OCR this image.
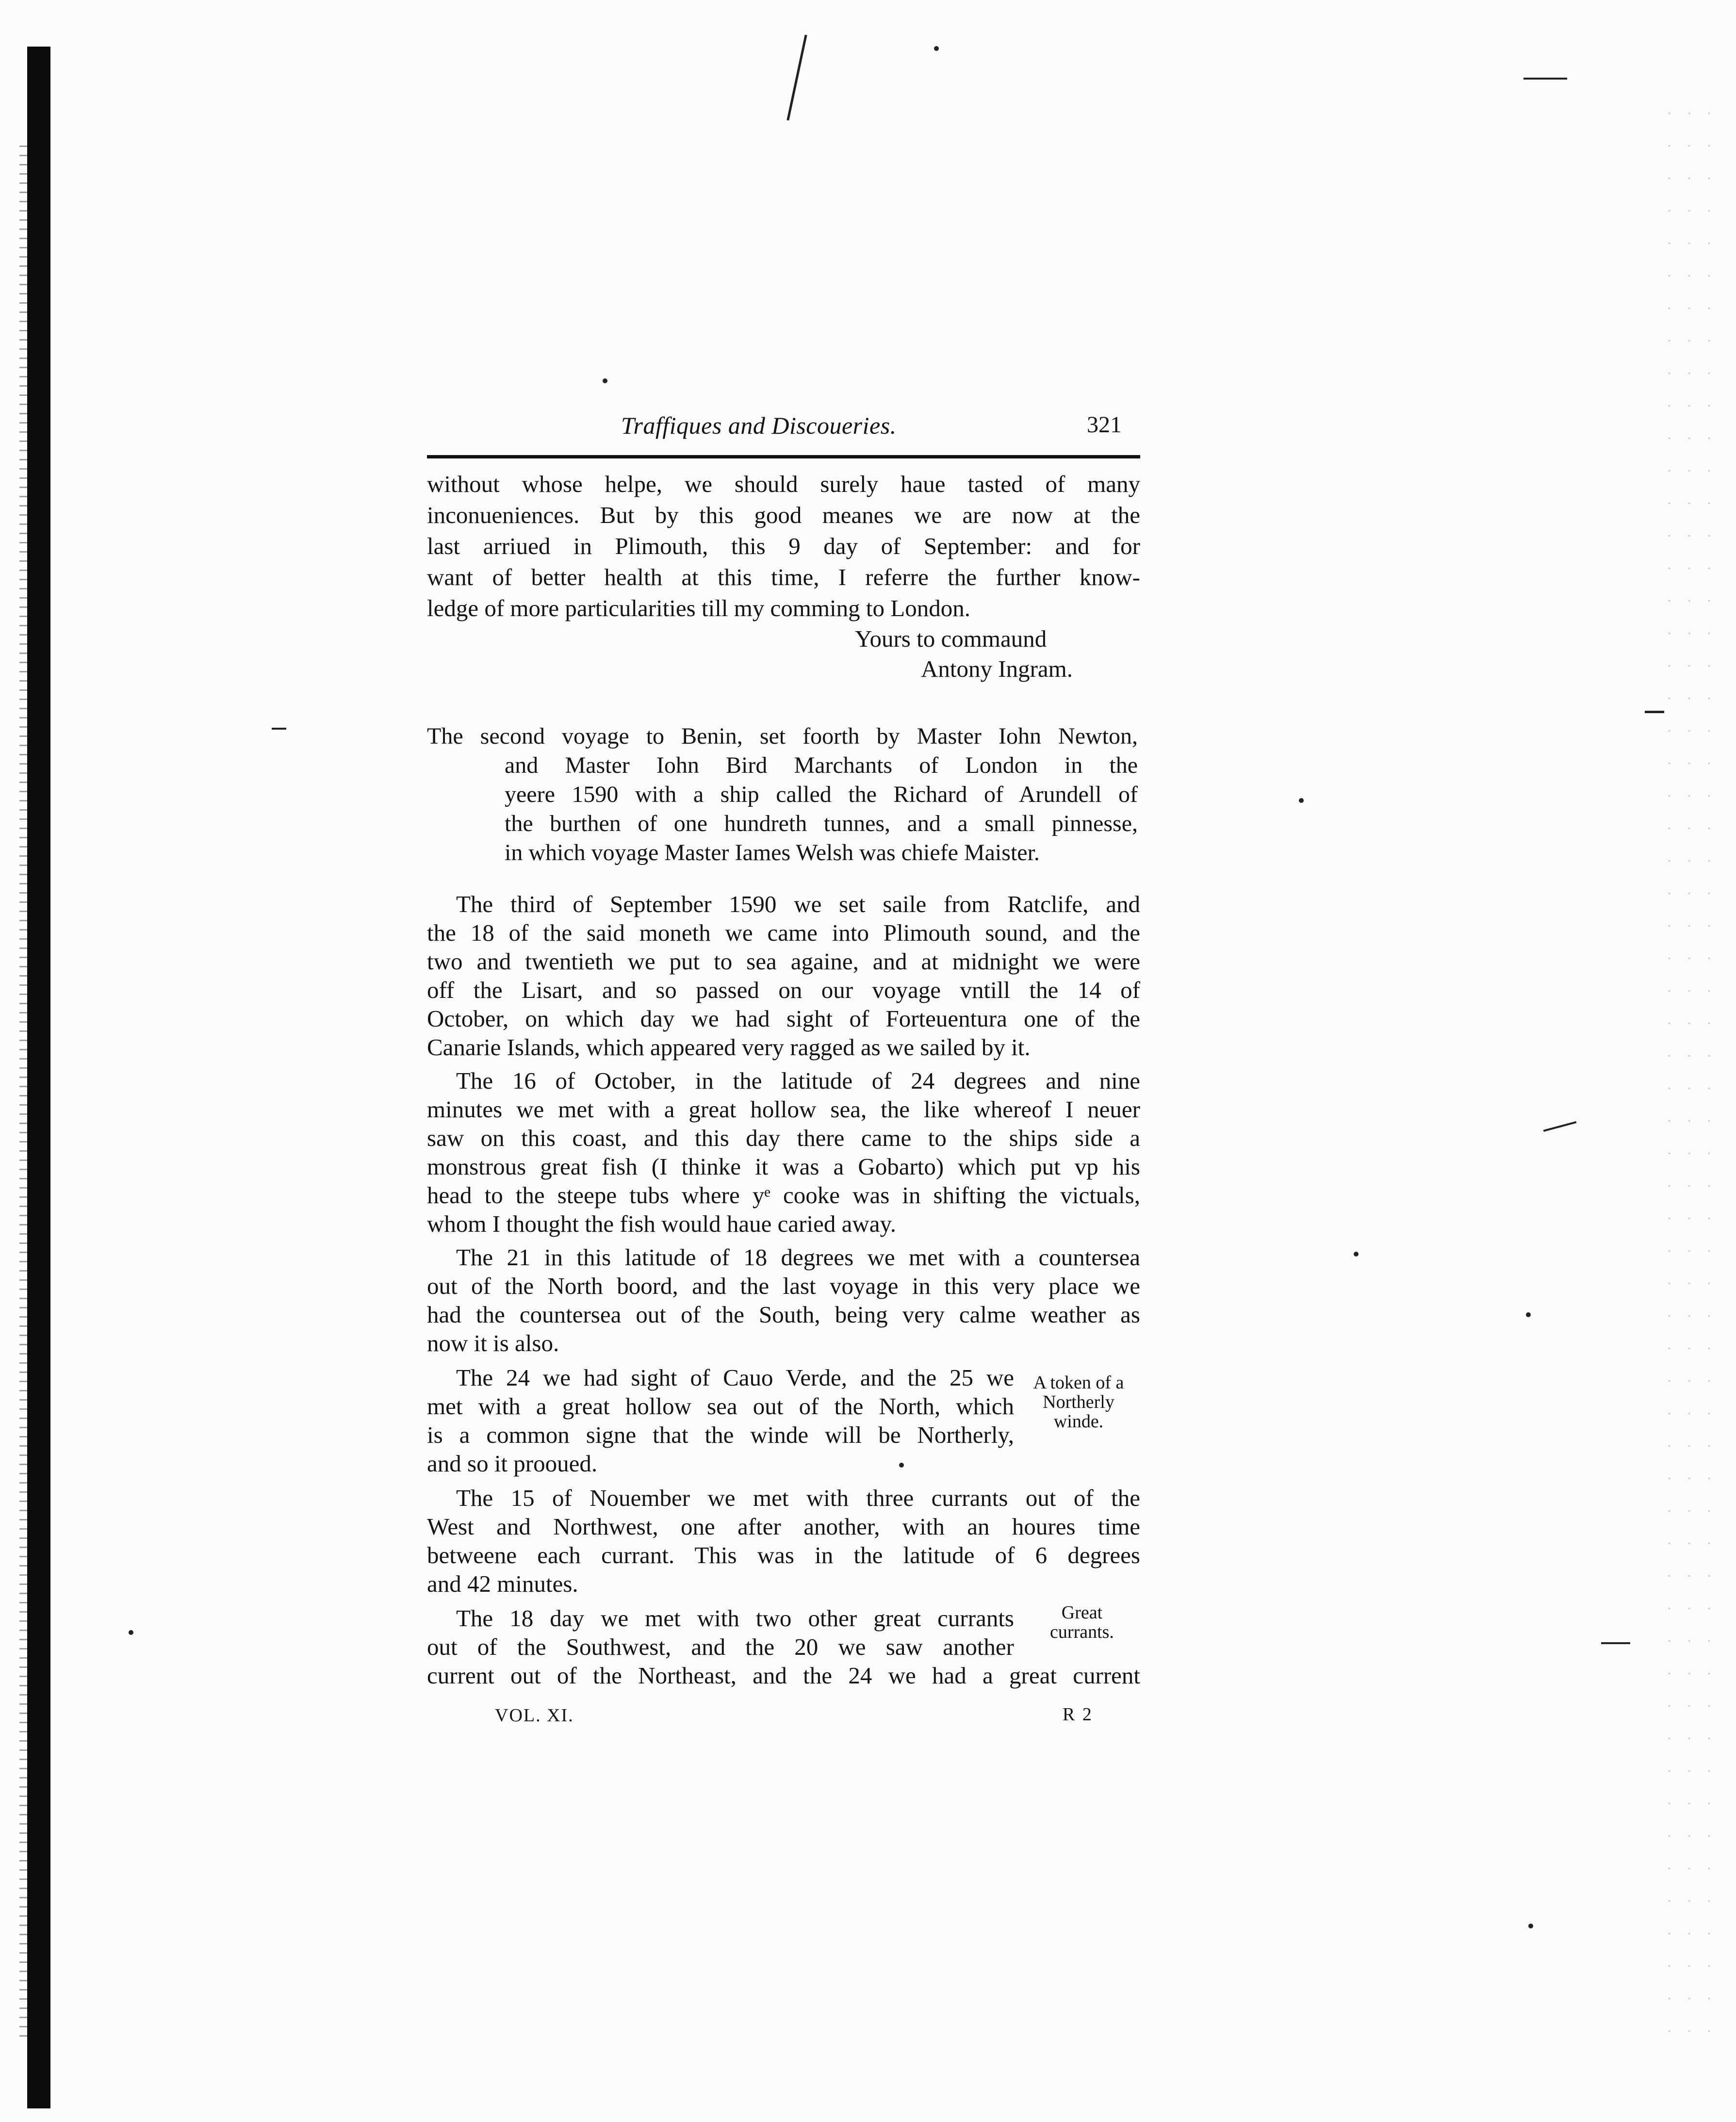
Traffiques and Discoueries.	321
without whose helpe, we should surely haue tasted of many
inconueniences. But by this good meanes we are now at the
last arriued in Plimouth, this 9 day of September: and for
want of better health at this time, I referre the further know-
ledge of more particularities till my comming to London.
Yours to commaund
Antony Ingram.
The second voyage to Benin, set foorth by Master Iohn Newton,
and Master Iohn Bird Marchants of London in the
yeere 1590 with a ship called the Richard of Arundell of
the burthen of one hundreth tunnes, and a small pinnesse,
in which voyage Master Iames Welsh was chiefe Maister.
The third of September 1590 we set saile from Ratclife, and
the 18 of the said moneth we came into Plimouth sound, and the
two and twentieth we put to sea againe, and at midnight we were
off the Lisart, and so passed on our voyage vntill the 14 of
October, on which day we had sight of Forteuentura one of the
Canarie Islands, which appeared very ragged as we sailed by it.
The 16 of October, in the latitude of 24 degrees and nine
minutes we met with a great hollow sea, the like whereof I neuer
saw on this coast, and this day there came to the ships side a
monstrous great fish (I thinke it was a Gobarto) which put vp his
head to the steepe tubs where yᵉ cooke was in shifting the victuals,
whom I thought the fish would haue caried away.
The 21 in this latitude of 18 degrees we met with a countersea
out of the North boord, and the last voyage in this very place we
had the countersea out of the South, being very calme weather as
now it is also.
The 24 we had sight of Cauo Verde, and the 25 we
met with a great hollow sea out of the North, which
is a common signe that the winde will be Northerly,
and so it prooued.
The 15 of Nouember we met with three currants out of the
West and Northwest, one after another, with an houres time
betweene each currant. This was in the latitude of 6 degrees
and 42 minutes.
The 18 day we met with two other great currants
out of the Southwest, and the 20 we saw another
current out of the Northeast, and the 24 we had a great current
A token of a
Northerly
winde.
Great
currants.
VOL. XI.	R 2
